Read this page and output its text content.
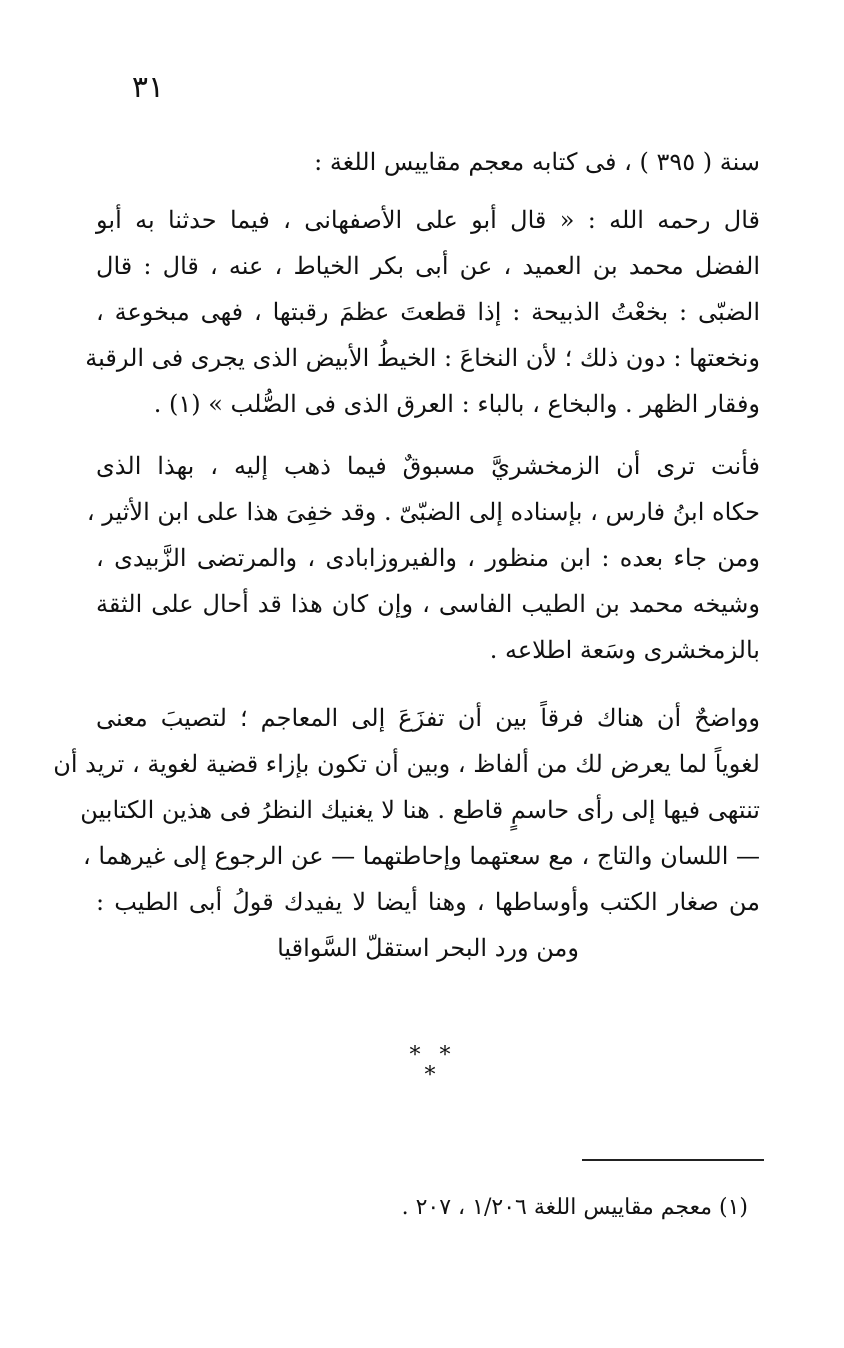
٣١
سنة ( ٣٩٥ ) ، فى كتابه معجم مقاييس اللغة :
قال رحمه الله : « قال أبو على الأصفهانى ، فيما حدثنا به أبو
الفضل محمد بن العميد ، عن أبى بكر الخياط ، عنه ، قال : قال
الضبّى : بخعْتُ الذبيحة : إذا قطعتَ عظمَ رقبتها ، فهى مبخوعة ،
ونخعتها : دون ذلك ؛ لأن النخاعَ : الخيطُ الأبيض الذى يجرى فى الرقبة
وفقار الظهر . والبخاع ، بالباء : العرق الذى فى الصُّلب » (١) .
فأنت ترى أن الزمخشريَّ مسبوقٌ فيما ذهب إليه ، بهذا الذى
حكاه ابنُ فارس ، بإسناده إلى الضبّىّ . وقد خفِىَ هذا على ابن الأثير ،
ومن جاء بعده : ابن منظور ، والفيروزابادى ، والمرتضى الزَّبيدى ،
وشيخه محمد بن الطيب الفاسى ، وإن كان هذا قد أحال على الثقة
بالزمخشرى وسَعة اطلاعه .
وواضحٌ أن هناك فرقاً بين أن تفزَعَ إلى المعاجم ؛ لتصيبَ معنى
لغوياً لما يعرض لك من ألفاظ ، وبين أن تكون بإزاء قضية لغوية ، تريد أن
تنتهى فيها إلى رأى حاسمٍ قاطع . هنا لا يغنيك النظرُ فى هذين الكتابين
— اللسان والتاج ، مع سعتهما وإحاطتهما — عن الرجوع إلى غيرهما ،
من صغار الكتب وأوساطها ، وهنا أيضا لا يفيدك قولُ أبى الطيب :
ومن ورد البحر استقلّ السَّواقيا
* * *
(١) معجم مقاييس اللغة ١/٢٠٦ ، ٢٠٧ .
